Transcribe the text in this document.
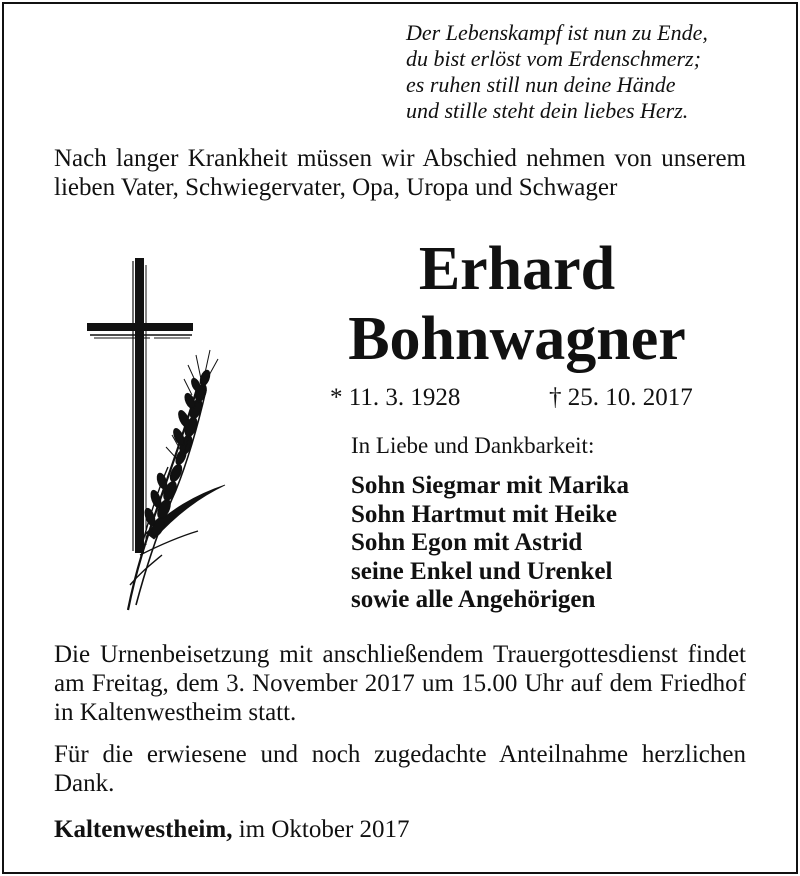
Der Lebenskampf ist nun zu Ende,
du bist erlöst vom Erdenschmerz;
es ruhen still nun deine Hände
und stille steht dein liebes Herz.
Nach langer Krankheit müssen wir Abschied nehmen von unserem lieben Vater, Schwiegervater, Opa, Uropa und Schwager
Erhard
Bohnwagner
* 11. 3. 1928	† 25. 10. 2017
In Liebe und Dankbarkeit:
Sohn Siegmar mit Marika
Sohn Hartmut mit Heike
Sohn Egon mit Astrid
seine Enkel und Urenkel
sowie alle Angehörigen
Die Urnenbeisetzung mit anschließendem Trauergottesdienst findet am Freitag, dem 3. November 2017 um 15.00 Uhr auf dem Friedhof in Kaltenwestheim statt.
Für die erwiesene und noch zugedachte Anteilnahme herzlichen Dank.
Kaltenwestheim, im Oktober 2017
